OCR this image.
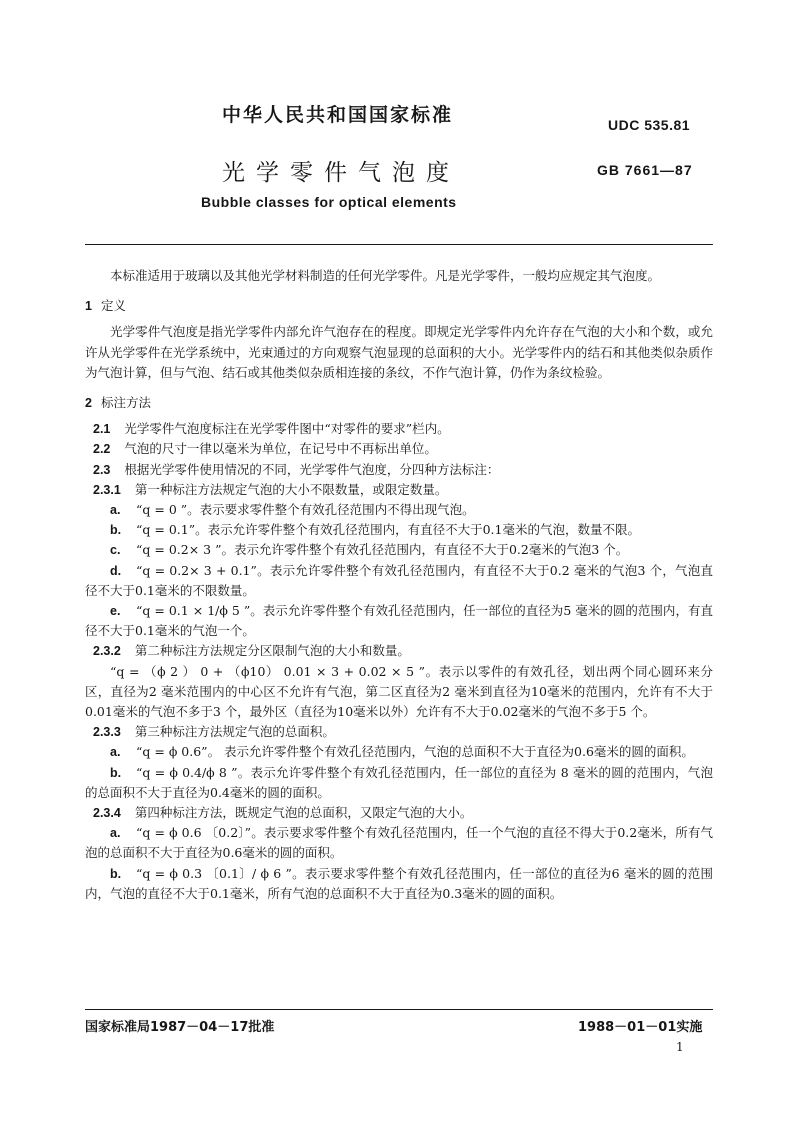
中华人民共和国国家标准	UDC 535.81
光学零件气泡度	GB 7661—87
Bubble classes for optical elements

本标准适用于玻璃以及其他光学材料制造的任何光学零件。凡是光学零件，一般均应规定其气泡度。

1 定义

光学零件气泡度是指光学零件内部允许气泡存在的程度。即规定光学零件内允许存在气泡的大小和个数，或允许从光学零件在光学系统中，光束通过的方向观察气泡显现的总面积的大小。光学零件内的结石和其他类似杂质作为气泡计算，但与气泡、结石或其他类似杂质相连接的条纹，不作气泡计算，仍作为条纹检验。

2 标注方法

2.1 光学零件气泡度标注在光学零件图中“对零件的要求”栏内。

2.2 气泡的尺寸一律以毫米为单位，在记号中不再标出单位。

2.3 根据光学零件使用情况的不同，光学零件气泡度，分四种方法标注：

2.3.1 第一种标注方法规定气泡的大小不限数量，或限定数量。

a. “q = 0 ”。表示要求零件整个有效孔径范围内不得出现气泡。

b. “q = 0.1”。表示允许零件整个有效孔径范围内，有直径不大于0.1毫米的气泡，数量不限。

c. “q = 0.2× 3 ”。表示允许零件整个有效孔径范围内，有直径不大于0.2毫米的气泡3 个。

d. “q = 0.2× 3 + 0.1”。表示允许零件整个有效孔径范围内，有直径不大于0.2 毫米的气泡3 个，气泡直径不大于0.1毫米的不限数量。

e. “q = 0.1 × 1/ϕ 5 ”。表示允许零件整个有效孔径范围内，任一部位的直径为5 毫米的圆的范围内，有直径不大于0.1毫米的气泡一个。

2.3.2 第二种标注方法规定分区限制气泡的大小和数量。

“q = （ϕ 2 ） 0 + （ϕ10） 0.01 × 3 + 0.02 × 5 ”。表示以零件的有效孔径，划出两个同心圆环来分区，直径为2 毫米范围内的中心区不允许有气泡，第二区直径为2 毫米到直径为10毫米的范围内，允许有不大于0.01毫米的气泡不多于3 个，最外区（直径为10毫米以外）允许有不大于0.02毫米的气泡不多于5 个。

2.3.3 第三种标注方法规定气泡的总面积。

a. “q = ϕ 0.6”。 表示允许零件整个有效孔径范围内，气泡的总面积不大于直径为0.6毫米的圆的面积。

b. “q = ϕ 0.4/ϕ 8 ”。表示允许零件整个有效孔径范围内，任一部位的直径为 8 毫米的圆的范围内，气泡的总面积不大于直径为0.4毫米的圆的面积。

2.3.4 第四种标注方法，既规定气泡的总面积，又限定气泡的大小。

a. “q = ϕ 0.6 〔0.2〕”。表示要求零件整个有效孔径范围内，任一个气泡的直径不得大于0.2毫米，所有气泡的总面积不大于直径为0.6毫米的圆的面积。

b. “q = ϕ 0.3 〔0.1〕/ ϕ 6 ”。表示要求零件整个有效孔径范围内，任一部位的直径为6 毫米的圆的范围内，气泡的直径不大于0.1毫米，所有气泡的总面积不大于直径为0.3毫米的圆的面积。

国家标准局1987－04－17批准	1988－01－01实施
1
